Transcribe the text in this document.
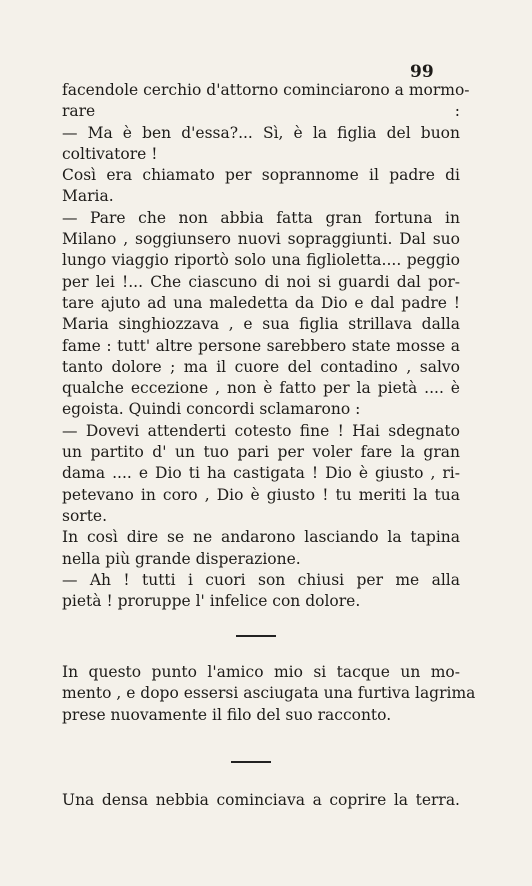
99
facendole cerchio d'attorno cominciarono a mormo-
rare :
— Ma è ben d'essa?... Sì, è la figlia del buon
coltivatore !
Così era chiamato per soprannome il padre di
Maria.
— Pare che non abbia fatta gran fortuna in
Milano , soggiunsero nuovi sopraggiunti. Dal suo
lungo viaggio riportò solo una figlioletta.... peggio
per lei !... Che ciascuno di noi si guardi dal por-
tare ajuto ad una maledetta da Dio e dal padre !
Maria singhiozzava , e sua figlia strillava dalla
fame : tutt' altre persone sarebbero state mosse a
tanto dolore ; ma il cuore del contadino , salvo
qualche eccezione , non è fatto per la pietà .... è
egoista. Quindi concordi sclamarono :
— Dovevi attenderti cotesto fine ! Hai sdegnato
un partito d' un tuo pari per voler fare la gran
dama .... e Dio ti ha castigata ! Dio è giusto , ri-
petevano in coro , Dio è giusto ! tu meriti la tua
sorte.
In così dire se ne andarono lasciando la tapina
nella più grande disperazione.
— Ah ! tutti i cuori son chiusi per me alla
pietà ! proruppe l' infelice con dolore.
In questo punto l'amico mio si tacque un mo-
mento , e dopo essersi asciugata una furtiva lagrima
prese nuovamente il filo del suo racconto.
Una densa nebbia cominciava a coprire la terra.
